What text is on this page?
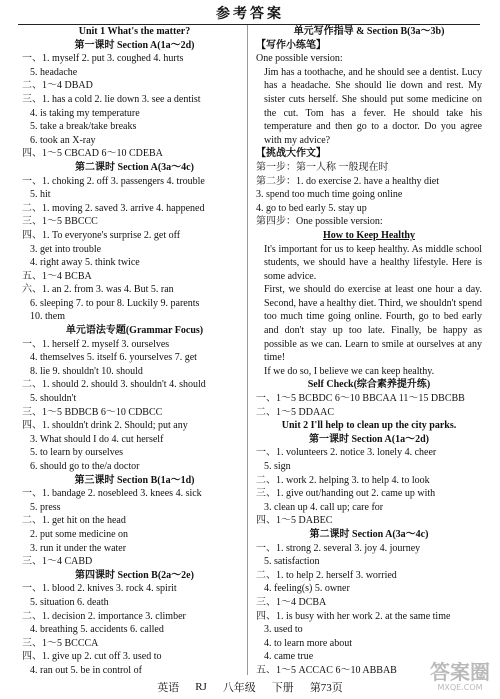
参考答案
Unit 1 What's the matter?
第一课时 Section A(1a～2d)
一、1. myself 2. put 3. coughed 4. hurts
5. headache
二、1～4 DBAD
三、1. has a cold 2. lie down 3. see a dentist
4. is taking my temperature
5. take a break/take breaks
6. took an X-ray
四、1～5 CBCAD 6～10 CDEBA
第二课时 Section A(3a～4c)
一、1. choking 2. off 3. passengers 4. trouble
5. hit
二、1. moving 2. saved 3. arrive 4. happened
三、1～5 BBCCC
四、1. To everyone's surprise 2. get off
3. get into trouble
4. right away 5. think twice
五、1～4 BCBA
六、1. an 2. from 3. was 4. But 5. ran
6. sleeping 7. to pour 8. Luckily 9. parents
10. them
单元语法专题(Grammar Focus)
一、1. herself 2. myself 3. ourselves
4. themselves 5. itself 6. yourselves 7. get
8. lie 9. shouldn't 10. should
二、1. should 2. should 3. shouldn't 4. should
5. shouldn't
三、1～5 BDBCB 6～10 CDBCC
四、1. shouldn't drink 2. Should; put any
3. What should I do 4. cut herself
5. to learn by ourselves
6. should go to the/a doctor
第三课时 Section B(1a～1d)
一、1. bandage 2. nosebleed 3. knees 4. sick
5. press
二、1. get hit on the head
2. put some medicine on
3. run it under the water
三、1～4 CABD
第四课时 Section B(2a～2e)
一、1. blood 2. knives 3. rock 4. spirit
5. situation 6. death
二、1. decision 2. importance 3. climber
4. breathing 5. accidents 6. called
三、1～5 BCCCA
四、1. give up 2. cut off 3. used to
4. ran out 5. be in control of
单元写作指导 & Section B(3a～3b)
【写作小练笔】
One possible version:
Jim has a toothache, and he should see a dentist. Lucy has a headache. She should lie down and rest. My sister cuts herself. She should put some medicine on the cut. Tom has a fever. He should take his temperature and then go to a doctor. Do you agree with my advice?
【挑战大作文】
第一步：第一人称 一般现在时
第二步：1. do exercise 2. have a healthy diet
3. spend too much time going online
4. go to bed early 5. stay up
第四步：One possible version:
How to Keep Healthy
It's important for us to keep healthy. As middle school students, we should have a healthy lifestyle. Here is some advice.
First, we should do exercise at least one hour a day. Second, have a healthy diet. Third, we shouldn't spend too much time going online. Fourth, go to bed early and don't stay up too late. Finally, be happy as possible as we can. Learn to smile at ourselves at any time!
If we do so, I believe we can keep healthy.
Self Check(综合素养提升练)
一、1～5 BCBDC 6～10 BBCAA 11～15 DBCBB
二、1～5 DDAAC
Unit 2 I'll help to clean up the city parks.
第一课时 Section A(1a～2d)
一、1. volunteers 2. notice 3. lonely 4. cheer
5. sign
二、1. work 2. helping 3. to help 4. to look
三、1. give out/handing out 2. came up with
3. clean up 4. call up; care for
四、1～5 DABEC
第二课时 Section A(3a～4c)
一、1. strong 2. several 3. joy 4. journey
5. satisfaction
二、1. to help 2. herself 3. worried
4. feeling(s) 5. owner
三、1～4 DCBA
四、1. is busy with her work 2. at the same time
3. used to
4. to learn more about
4. came true
五、1～5 ACCAC 6～10 ABBAB
英语 RJ 八年级 下册 第73页
答案圈
MXQE.COM
